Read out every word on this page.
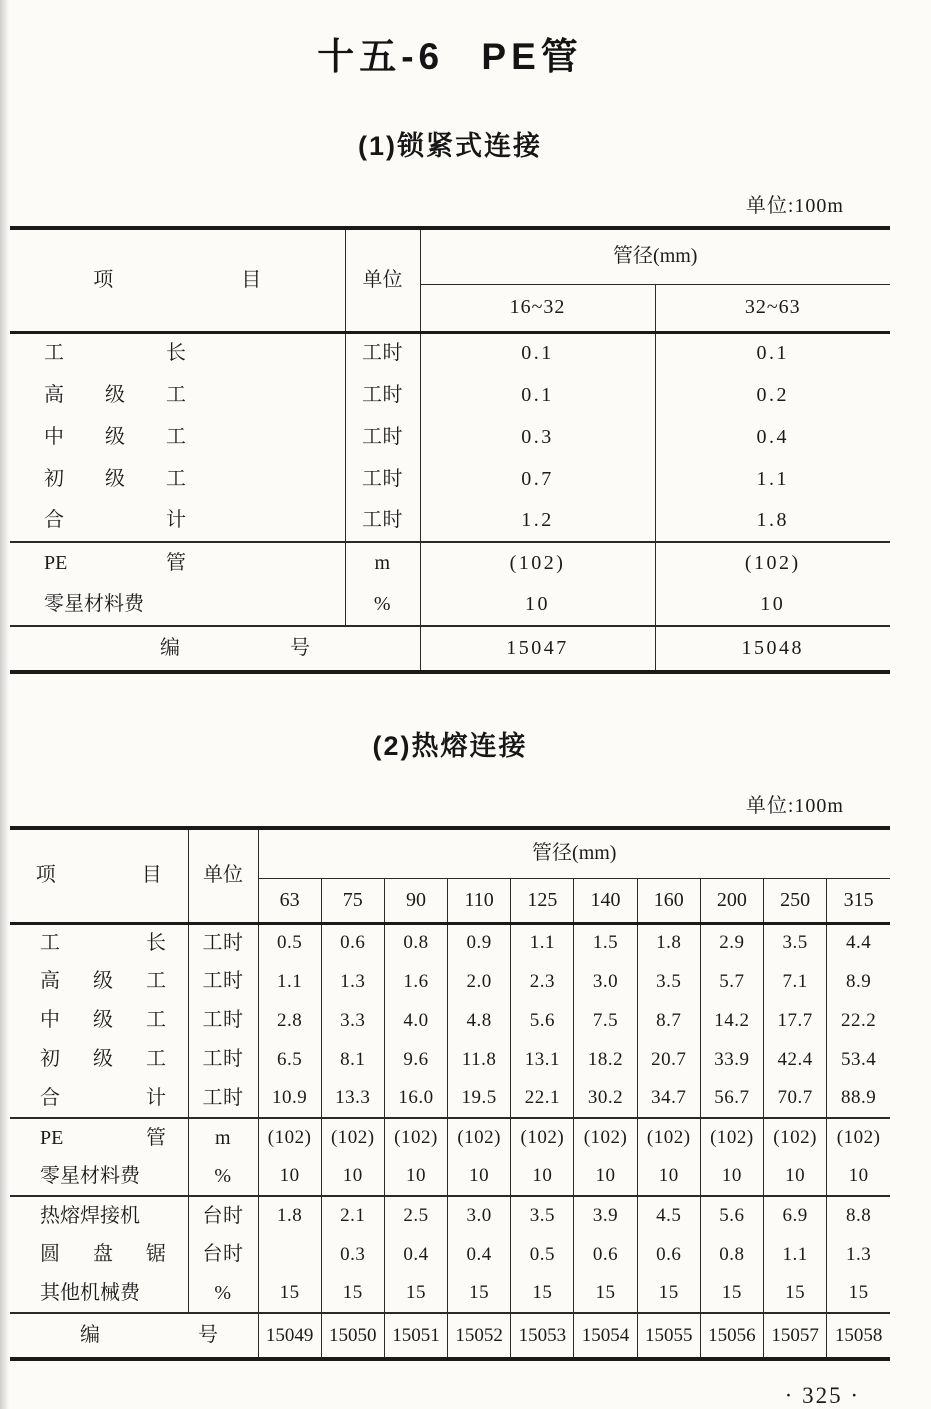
十五-6 PE管
(1)锁紧式连接
单位:100m
项目	单位	管径(mm)	
		16~32	32~63
工长	工时	0.1	0.1
高级工	工时	0.1	0.2
中级工	工时	0.3	0.4
初级工	工时	0.7	1.1
合计	工时	1.2	1.8
PE管	m	(102)	(102)
零星材料费	%	10	10
编号		15047	15048
(2)热熔连接
单位:100m
项目	单位	管径(mm)									
		63	75	90	110	125	140	160	200	250	315
工长	工时	0.5	0.6	0.8	0.9	1.1	1.5	1.8	2.9	3.5	4.4
高级工	工时	1.1	1.3	1.6	2.0	2.3	3.0	3.5	5.7	7.1	8.9
中级工	工时	2.8	3.3	4.0	4.8	5.6	7.5	8.7	14.2	17.7	22.2
初级工	工时	6.5	8.1	9.6	11.8	13.1	18.2	20.7	33.9	42.4	53.4
合计	工时	10.9	13.3	16.0	19.5	22.1	30.2	34.7	56.7	70.7	88.9
PE管	m	(102)	(102)	(102)	(102)	(102)	(102)	(102)	(102)	(102)	(102)
零星材料费	%	10	10	10	10	10	10	10	10	10	10
热熔焊接机	台时	1.8	2.1	2.5	3.0	3.5	3.9	4.5	5.6	6.9	8.8
圆盘锯	台时		0.3	0.4	0.4	0.5	0.6	0.6	0.8	1.1	1.3
其他机械费	%	15	15	15	15	15	15	15	15	15	15
编号		15049	15050	15051	15052	15053	15054	15055	15056	15057	15058
· 325 ·
